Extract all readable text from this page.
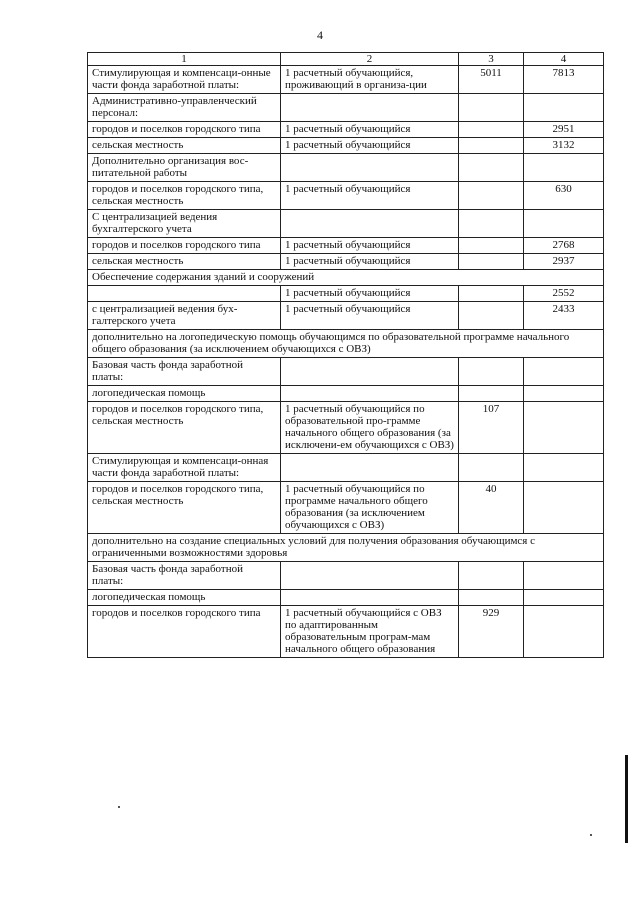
4
1	2	3	4
Стимулирующая и компенсаци-онные части фонда заработной платы:	1 расчетный обучающийся, проживающий в организа-ции	5011	7813
Административно-управленческий персонал:			
городов и поселков городского типа	1 расчетный обучающийся		2951
сельская местность	1 расчетный обучающийся		3132
Дополнительно организация вос-питательной работы			
городов и поселков городского типа, сельская местность	1 расчетный обучающийся		630
С централизацией ведения бухгалтерского учета			
городов и поселков городского типа	1 расчетный обучающийся		2768
сельская местность	1 расчетный обучающийся		2937
Обеспечение содержания зданий и сооружений			
	1 расчетный обучающийся		2552
с централизацией ведения бух-галтерского учета	1 расчетный обучающийся		2433
дополнительно на логопедическую помощь обучающимся по образовательной программе начального общего образования (за исключением обучающихся с ОВЗ)			
Базовая часть фонда заработной платы:			
логопедическая помощь			
городов и поселков городского типа, сельская местность	1 расчетный обучающийся по образовательной про-грамме начального общего образования (за исключени-ем обучающихся с ОВЗ)	107	
Стимулирующая и компенсаци-онная части фонда заработной платы:			
городов и поселков городского типа, сельская местность	1 расчетный обучающийся по программе начального общего образования (за исключением обучающихся с ОВЗ)	40	
дополнительно на создание специальных условий для получения образования обучающимся с ограниченными возможностями здоровья			
Базовая часть фонда заработной платы:			
логопедическая помощь			
городов и поселков городского типа	1 расчетный обучающийся с ОВЗ по адаптированным образовательным програм-мам начального общего образования	929	
